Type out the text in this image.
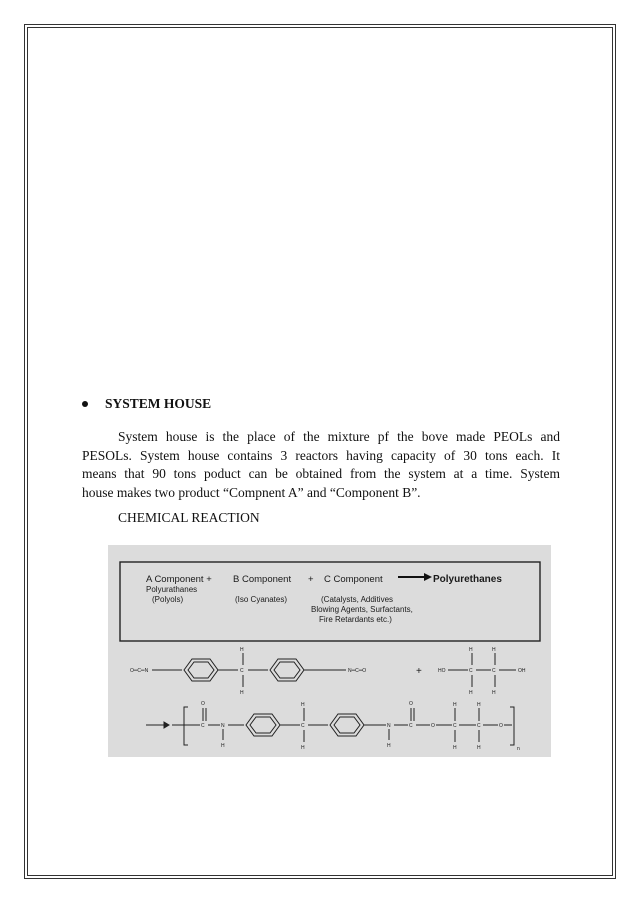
SYSTEM HOUSE
System house is the place of the mixture pf the bove made PEOLs and
PESOLs. System house contains 3 reactors having capacity of 30 tons each. It
means that 90 tons poduct can be obtained from the system at a time. System
house makes two product “Compnent A” and “Component B”.
CHEMICAL REACTION
A Component +
Polyurathanes
(Polyols)
B Component
(Iso Cyanates)
+ C Component
(Catalysts, Additives
Blowing Agents, Surfactants,
Fire Retardants etc.)
Polyurethanes
O═C═N
H
C
H
N═C═O	+	HO	C
H
H
C
H
H
OH
C
O
N
H
C
H
H
N
H
C
O
O	C
H
H
C
H
H
O
n
